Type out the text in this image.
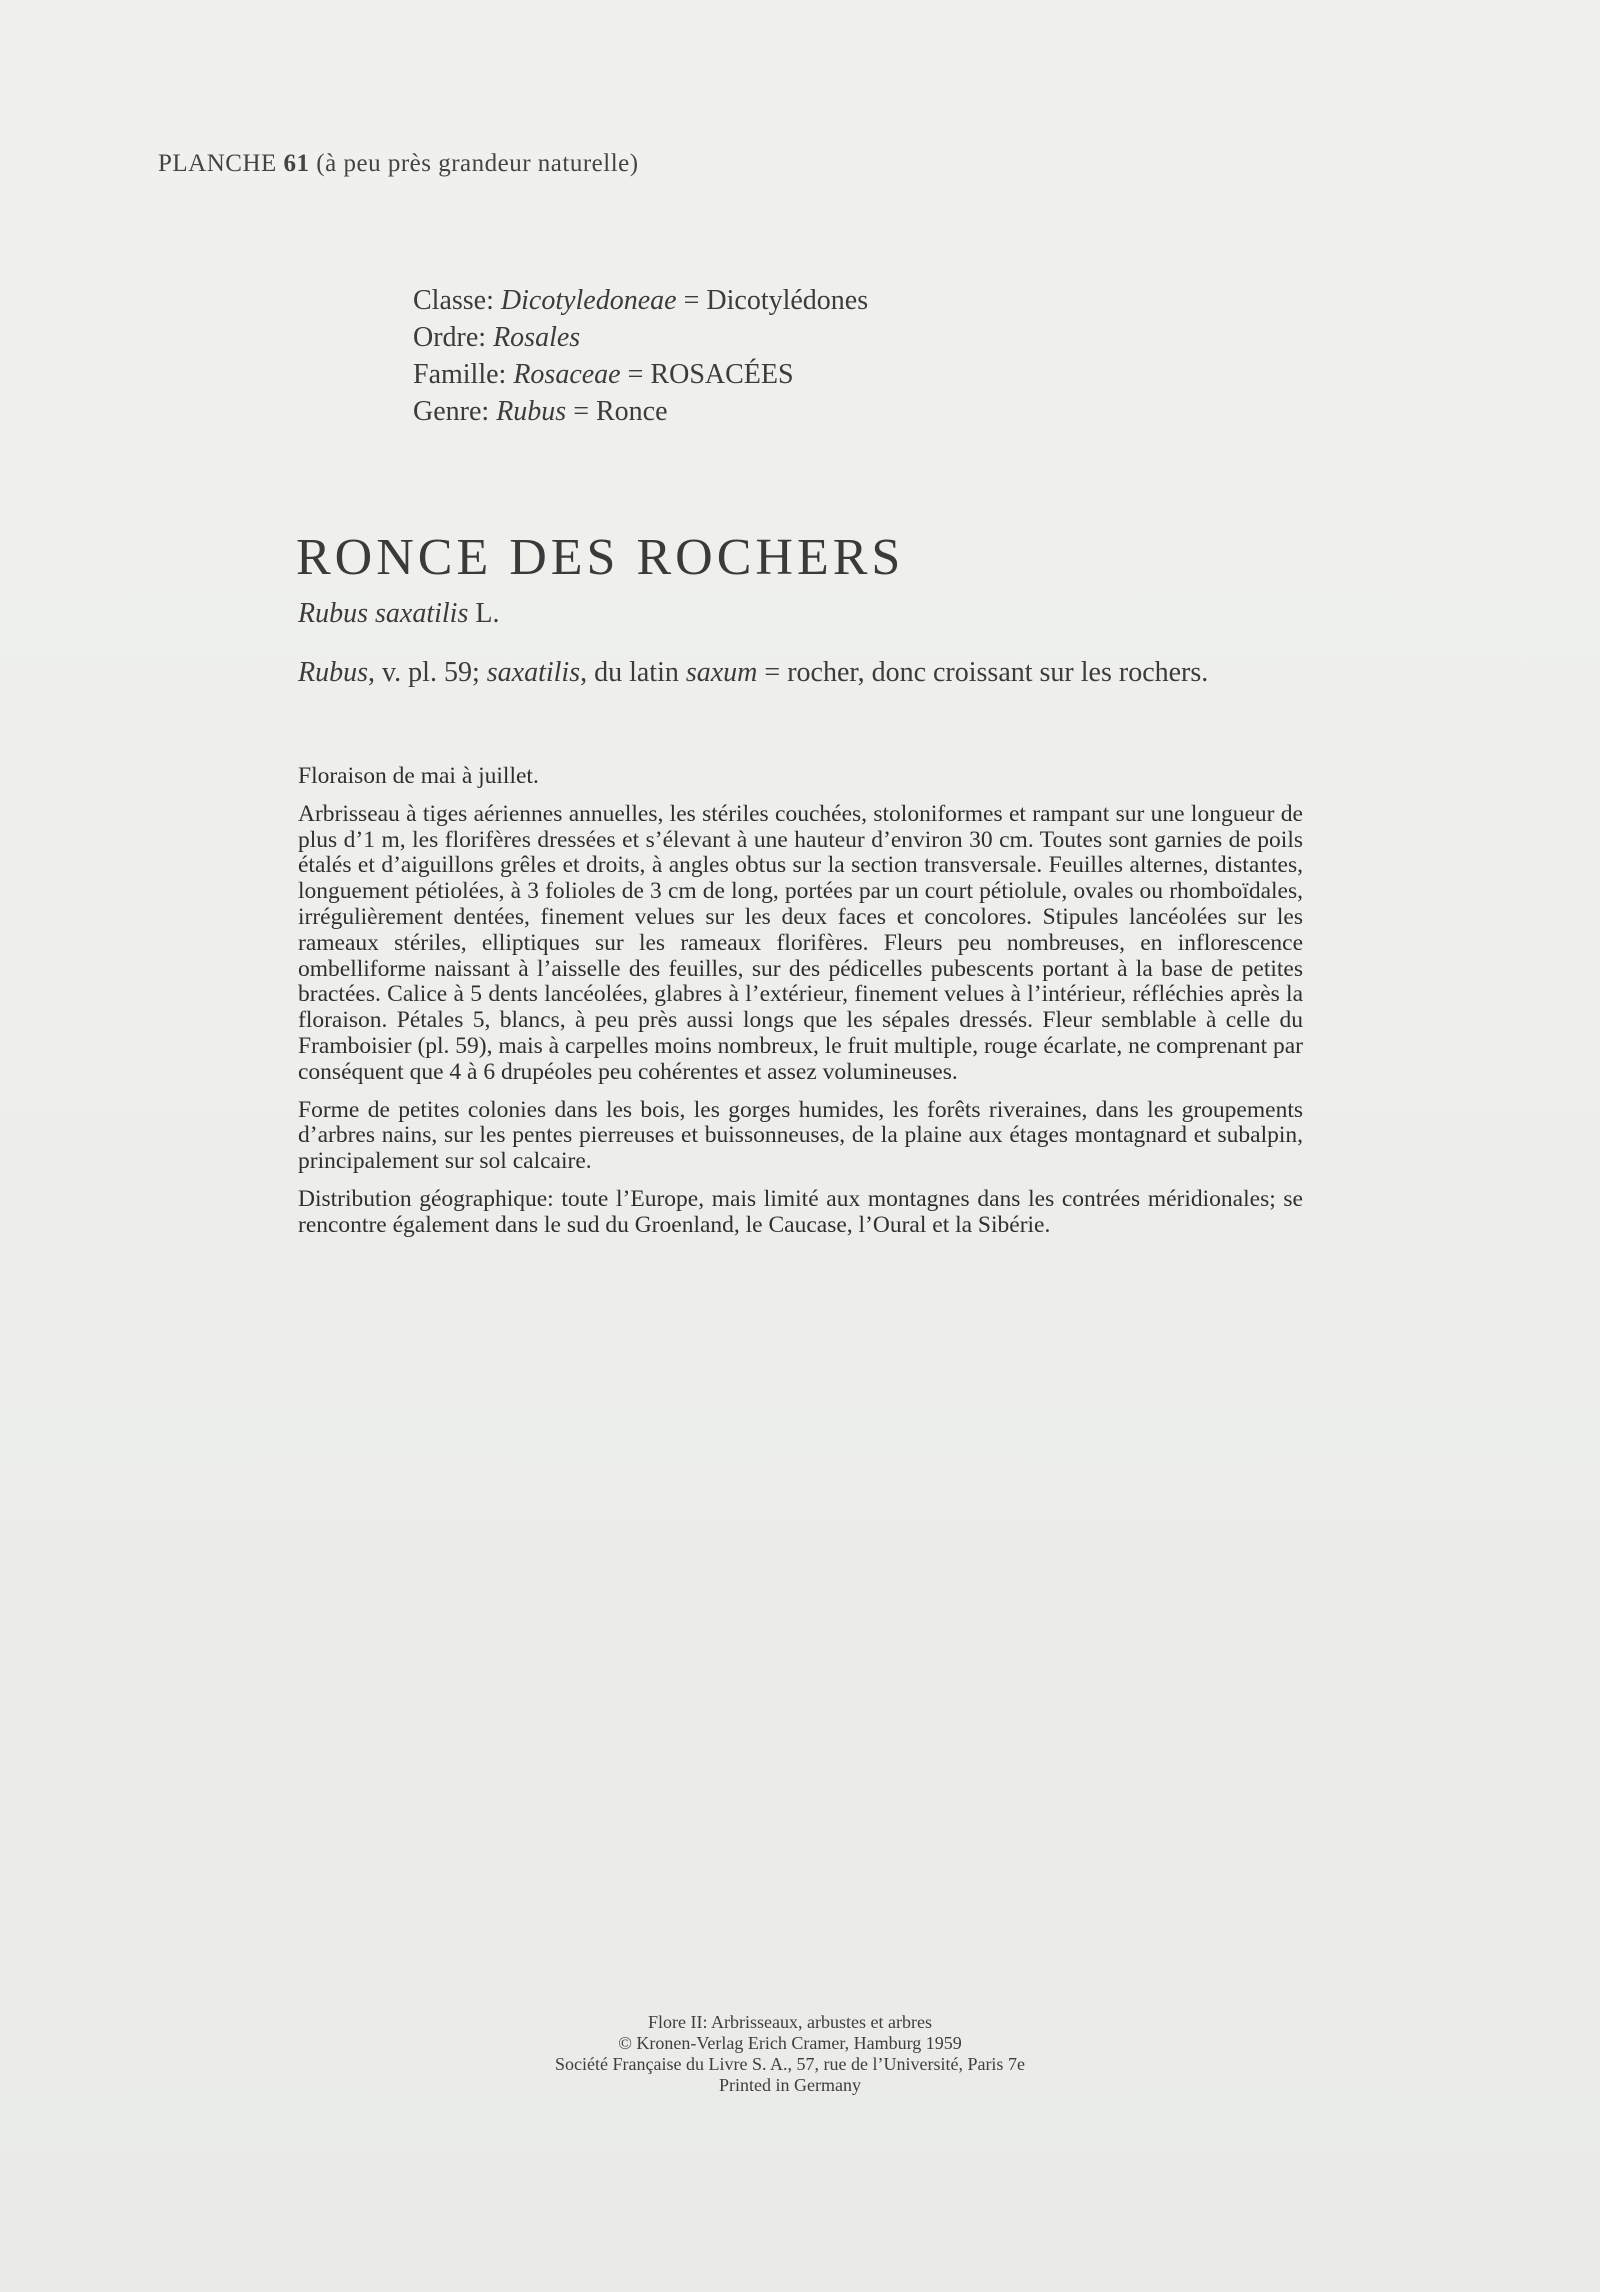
PLANCHE 61 (à peu près grandeur naturelle)
Classe: Dicotyledoneae = Dicotylédones
Ordre: Rosales
Famille: Rosaceae = ROSACÉES
Genre: Rubus = Ronce
RONCE DES ROCHERS
Rubus saxatilis L.
Rubus, v. pl. 59; saxatilis, du latin saxum = rocher, donc croissant sur les rochers.

Floraison de mai à juillet.

Arbrisseau à tiges aériennes annuelles, les stériles couchées, stoloniformes et rampant sur une longueur de plus d’1 m, les florifères dressées et s’élevant à une hauteur d’environ 30 cm. Toutes sont garnies de poils étalés et d’aiguillons grêles et droits, à angles obtus sur la section transversale. Feuilles alternes, distantes, longuement pétiolées, à 3 folioles de 3 cm de long, portées par un court pétiolule, ovales ou rhomboïdales, irrégulièrement dentées, finement velues sur les deux faces et concolores. Stipules lancéolées sur les rameaux stériles, elliptiques sur les rameaux florifères. Fleurs peu nombreuses, en inflorescence ombelliforme naissant à l’aisselle des feuilles, sur des pédicelles pubescents portant à la base de petites bractées. Calice à 5 dents lancéolées, glabres à l’extérieur, finement velues à l’intérieur, réfléchies après la floraison. Pétales 5, blancs, à peu près aussi longs que les sépales dressés. Fleur semblable à celle du Framboisier (pl. 59), mais à carpelles moins nombreux, le fruit multiple, rouge écarlate, ne comprenant par conséquent que 4 à 6 drupéoles peu cohérentes et assez volumineuses.

Forme de petites colonies dans les bois, les gorges humides, les forêts riveraines, dans les groupements d’arbres nains, sur les pentes pierreuses et buissonneuses, de la plaine aux étages montagnard et subalpin, principalement sur sol calcaire.

Distribution géographique: toute l’Europe, mais limité aux montagnes dans les contrées méridionales; se rencontre également dans le sud du Groenland, le Caucase, l’Oural et la Sibérie.

Flore II: Arbrisseaux, arbustes et arbres
© Kronen-Verlag Erich Cramer, Hamburg 1959
Société Française du Livre S. A., 57, rue de l’Université, Paris 7e
Printed in Germany
